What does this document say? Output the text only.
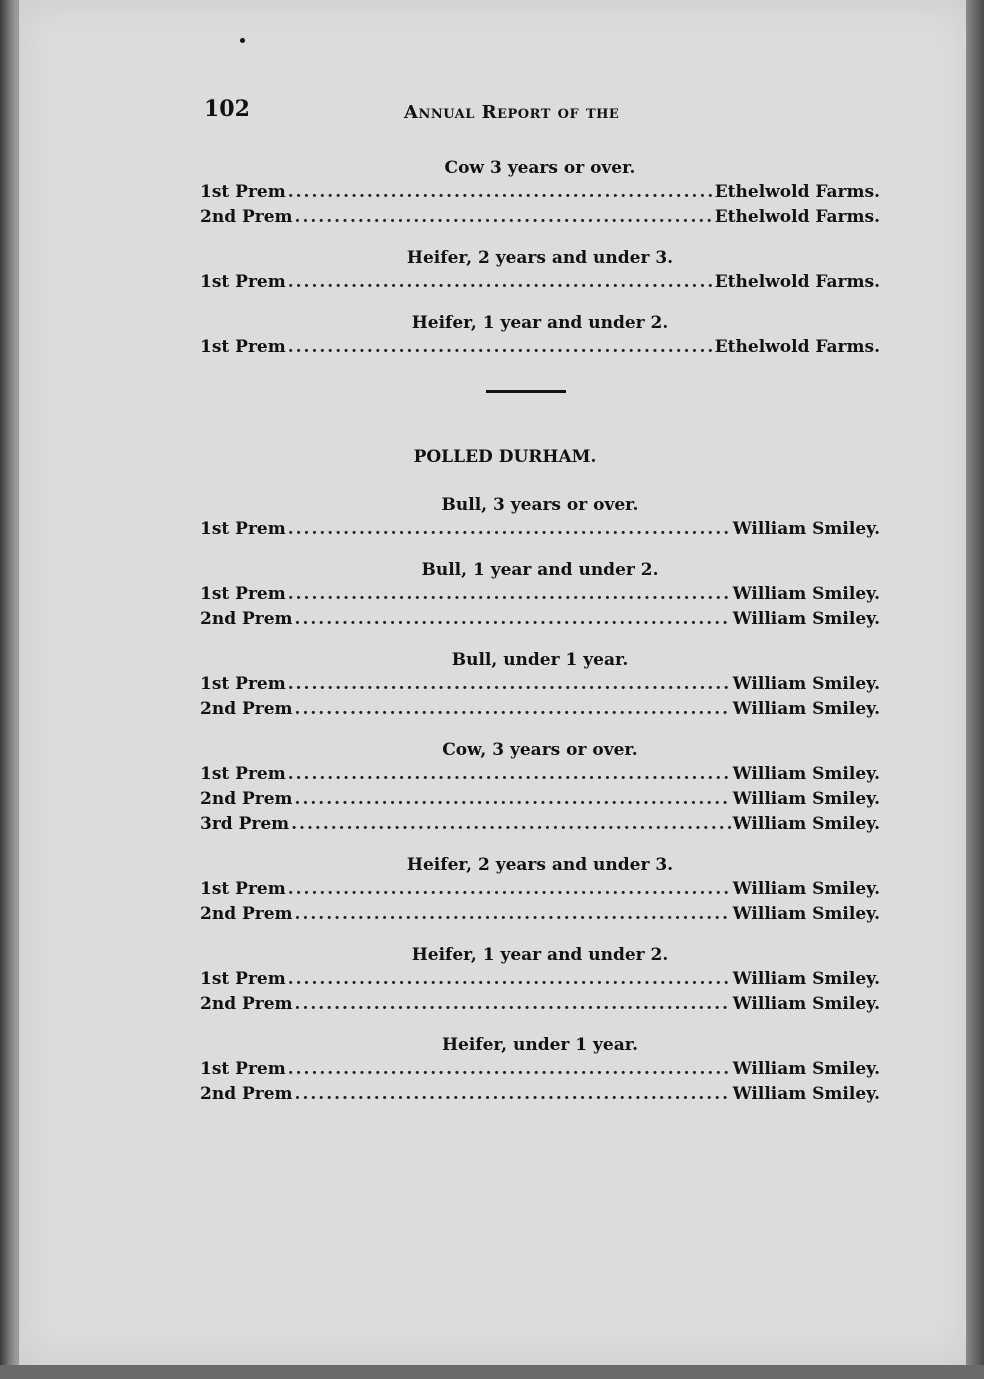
102	Annual Report of the
Cow 3 years or over.
1st Prem .....	Ethelwold Farms.
2nd Prem .....	Ethelwold Farms.
Heifer, 2 years and under 3.
1st Prem .....	Ethelwold Farms.
Heifer, 1 year and under 2.
1st Prem .....	Ethelwold Farms.
POLLED DURHAM.
Bull, 3 years or over.
1st Prem .....	William Smiley.
Bull, 1 year and under 2.
1st Prem .....	William Smiley.
2nd Prem .....	William Smiley.
Bull, under 1 year.
1st Prem .....	William Smiley.
2nd Prem .....	William Smiley.
Cow, 3 years or over.
1st Prem .....	William Smiley.
2nd Prem .....	William Smiley.
3rd Prem .....	William Smiley.
Heifer, 2 years and under 3.
1st Prem .....	William Smiley.
2nd Prem .....	William Smiley.
Heifer, 1 year and under 2.
1st Prem .....	William Smiley.
2nd Prem .....	William Smiley.
Heifer, under 1 year.
1st Prem .....	William Smiley.
2nd Prem .....	William Smiley.
